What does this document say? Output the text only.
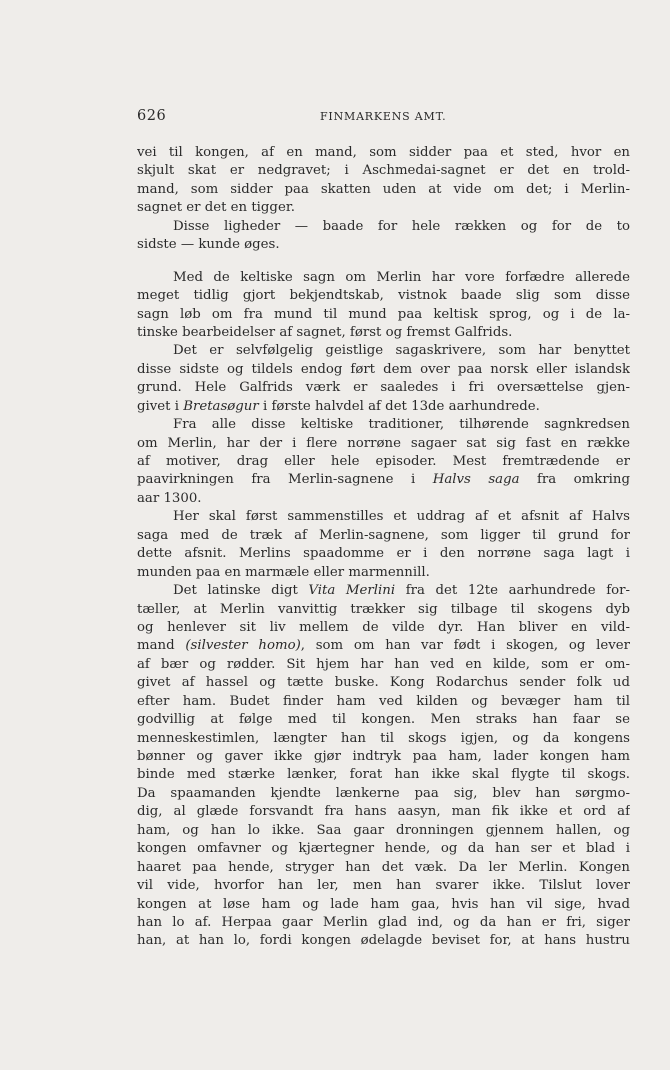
626	FINMARKENS AMT.
vei til kongen, af en mand, som sidder paa et sted, hvor en
skjult skat er nedgravet; i Aschmedai-sagnet er det en trold-
mand, som sidder paa skatten uden at vide om det; i Merlin-
sagnet er det en tigger.
Disse ligheder — baade for hele rækken og for de to
sidste — kunde øges.
Med de keltiske sagn om Merlin har vore forfædre allerede
meget tidlig gjort bekjendtskab, vistnok baade slig som disse
sagn løb om fra mund til mund paa keltisk sprog, og i de la-
tinske bearbeidelser af sagnet, først og fremst Galfrids.
Det er selvfølgelig geistlige sagaskrivere, som har benyttet
disse sidste og tildels endog ført dem over paa norsk eller islandsk
grund. Hele Galfrids værk er saaledes i fri oversættelse gjen-
givet i Bretasøgur i første halvdel af det 13de aarhundrede.
Fra alle disse keltiske traditioner, tilhørende sagnkredsen
om Merlin, har der i flere norrøne sagaer sat sig fast en række
af motiver, drag eller hele episoder. Mest fremtrædende er
paavirkningen fra Merlin-sagnene i Halvs saga fra omkring
aar 1300.
Her skal først sammenstilles et uddrag af et afsnit af Halvs
saga med de træk af Merlin-sagnene, som ligger til grund for
dette afsnit. Merlins spaadomme er i den norrøne saga lagt i
munden paa en marmæle eller marmennill.
Det latinske digt Vita Merlini fra det 12te aarhundrede for-
tæller, at Merlin vanvittig trækker sig tilbage til skogens dyb
og henlever sit liv mellem de vilde dyr. Han bliver en vild-
mand (silvester homo), som om han var født i skogen, og lever
af bær og rødder. Sit hjem har han ved en kilde, som er om-
givet af hassel og tætte buske. Kong Rodarchus sender folk ud
efter ham. Budet finder ham ved kilden og bevæger ham til
godvillig at følge med til kongen. Men straks han faar se
menneskestimlen, længter han til skogs igjen, og da kongens
bønner og gaver ikke gjør indtryk paa ham, lader kongen ham
binde med stærke lænker, forat han ikke skal flygte til skogs.
Da spaamanden kjendte lænkerne paa sig, blev han sørgmo-
dig, al glæde forsvandt fra hans aasyn, man fik ikke et ord af
ham, og han lo ikke. Saa gaar dronningen gjennem hallen, og
kongen omfavner og kjærtegner hende, og da han ser et blad i
haaret paa hende, stryger han det væk. Da ler Merlin. Kongen
vil vide, hvorfor han ler, men han svarer ikke. Tilslut lover
kongen at løse ham og lade ham gaa, hvis han vil sige, hvad
han lo af. Herpaa gaar Merlin glad ind, og da han er fri, siger
han, at han lo, fordi kongen ødelagde beviset for, at hans hustru
